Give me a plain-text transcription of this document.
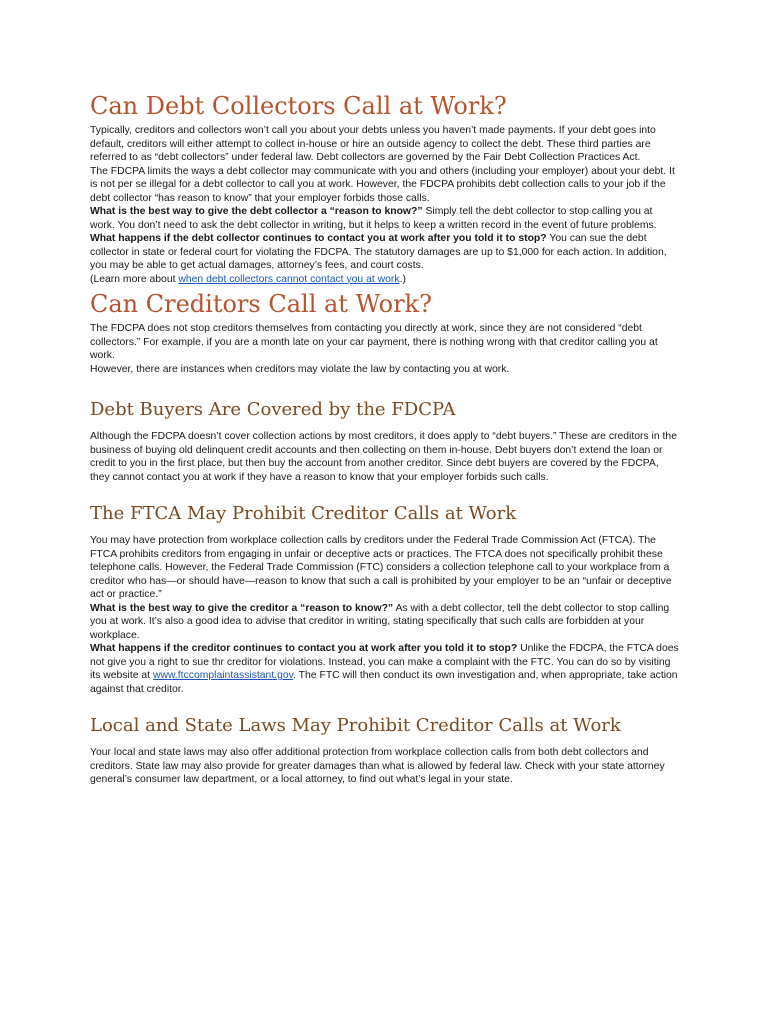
Can Debt Collectors Call at Work?

Typically, creditors and collectors won’t call you about your debts unless you haven’t made payments. If your debt goes into default, creditors will either attempt to collect in-house or hire an outside agency to collect the debt. These third parties are referred to as “debt collectors” under federal law. Debt collectors are governed by the Fair Debt Collection Practices Act.

The FDCPA limits the ways a debt collector may communicate with you and others (including your employer) about your debt. It is not per se illegal for a debt collector to call you at work. However, the FDCPA prohibits debt collection calls to your job if the debt collector “has reason to know” that your employer forbids those calls.

What is the best way to give the debt collector a “reason to know?” Simply tell the debt collector to stop calling you at work. You don’t need to ask the debt collector in writing, but it helps to keep a written record in the event of future problems.

What happens if the debt collector continues to contact you at work after you told it to stop? You can sue the debt collector in state or federal court for violating the FDCPA. The statutory damages are up to $1,000 for each action. In addition, you may be able to get actual damages, attorney’s fees, and court costs.

(Learn more about when debt collectors cannot contact you at work.)

Can Creditors Call at Work?

The FDCPA does not stop creditors themselves from contacting you directly at work, since they are not considered “debt collectors.” For example, if you are a month late on your car payment, there is nothing wrong with that creditor calling you at work.

However, there are instances when creditors may violate the law by contacting you at work.

Debt Buyers Are Covered by the FDCPA

Although the FDCPA doesn’t cover collection actions by most creditors, it does apply to “debt buyers.” These are creditors in the business of buying old delinquent credit accounts and then collecting on them in-house. Debt buyers don’t extend the loan or credit to you in the first place, but then buy the account from another creditor. Since debt buyers are covered by the FDCPA, they cannot contact you at work if they have a reason to know that your employer forbids such calls.

The FTCA May Prohibit Creditor Calls at Work

You may have protection from workplace collection calls by creditors under the Federal Trade Commission Act (FTCA). The FTCA prohibits creditors from engaging in unfair or deceptive acts or practices. The FTCA does not specifically prohibit these telephone calls. However, the Federal Trade Commission (FTC) considers a collection telephone call to your workplace from a creditor who has—or should have—reason to know that such a call is prohibited by your employer to be an “unfair or deceptive act or practice.”

What is the best way to give the creditor a “reason to know?” As with a debt collector, tell the debt collector to stop calling you at work. It’s also a good idea to advise that creditor in writing, stating specifically that such calls are forbidden at your workplace.

What happens if the creditor continues to contact you at work after you told it to stop? Unlike the FDCPA, the FTCA does not give you a right to sue thr creditor for violations. Instead, you can make a complaint with the FTC. You can do so by visiting its website at www.ftccomplaintassistant.gov. The FTC will then conduct its own investigation and, when appropriate, take action against that creditor.

Local and State Laws May Prohibit Creditor Calls at Work

Your local and state laws may also offer additional protection from workplace collection calls from both debt collectors and creditors. State law may also provide for greater damages than what is allowed by federal law. Check with your state attorney general’s consumer law department, or a local attorney, to find out what’s legal in your state.
